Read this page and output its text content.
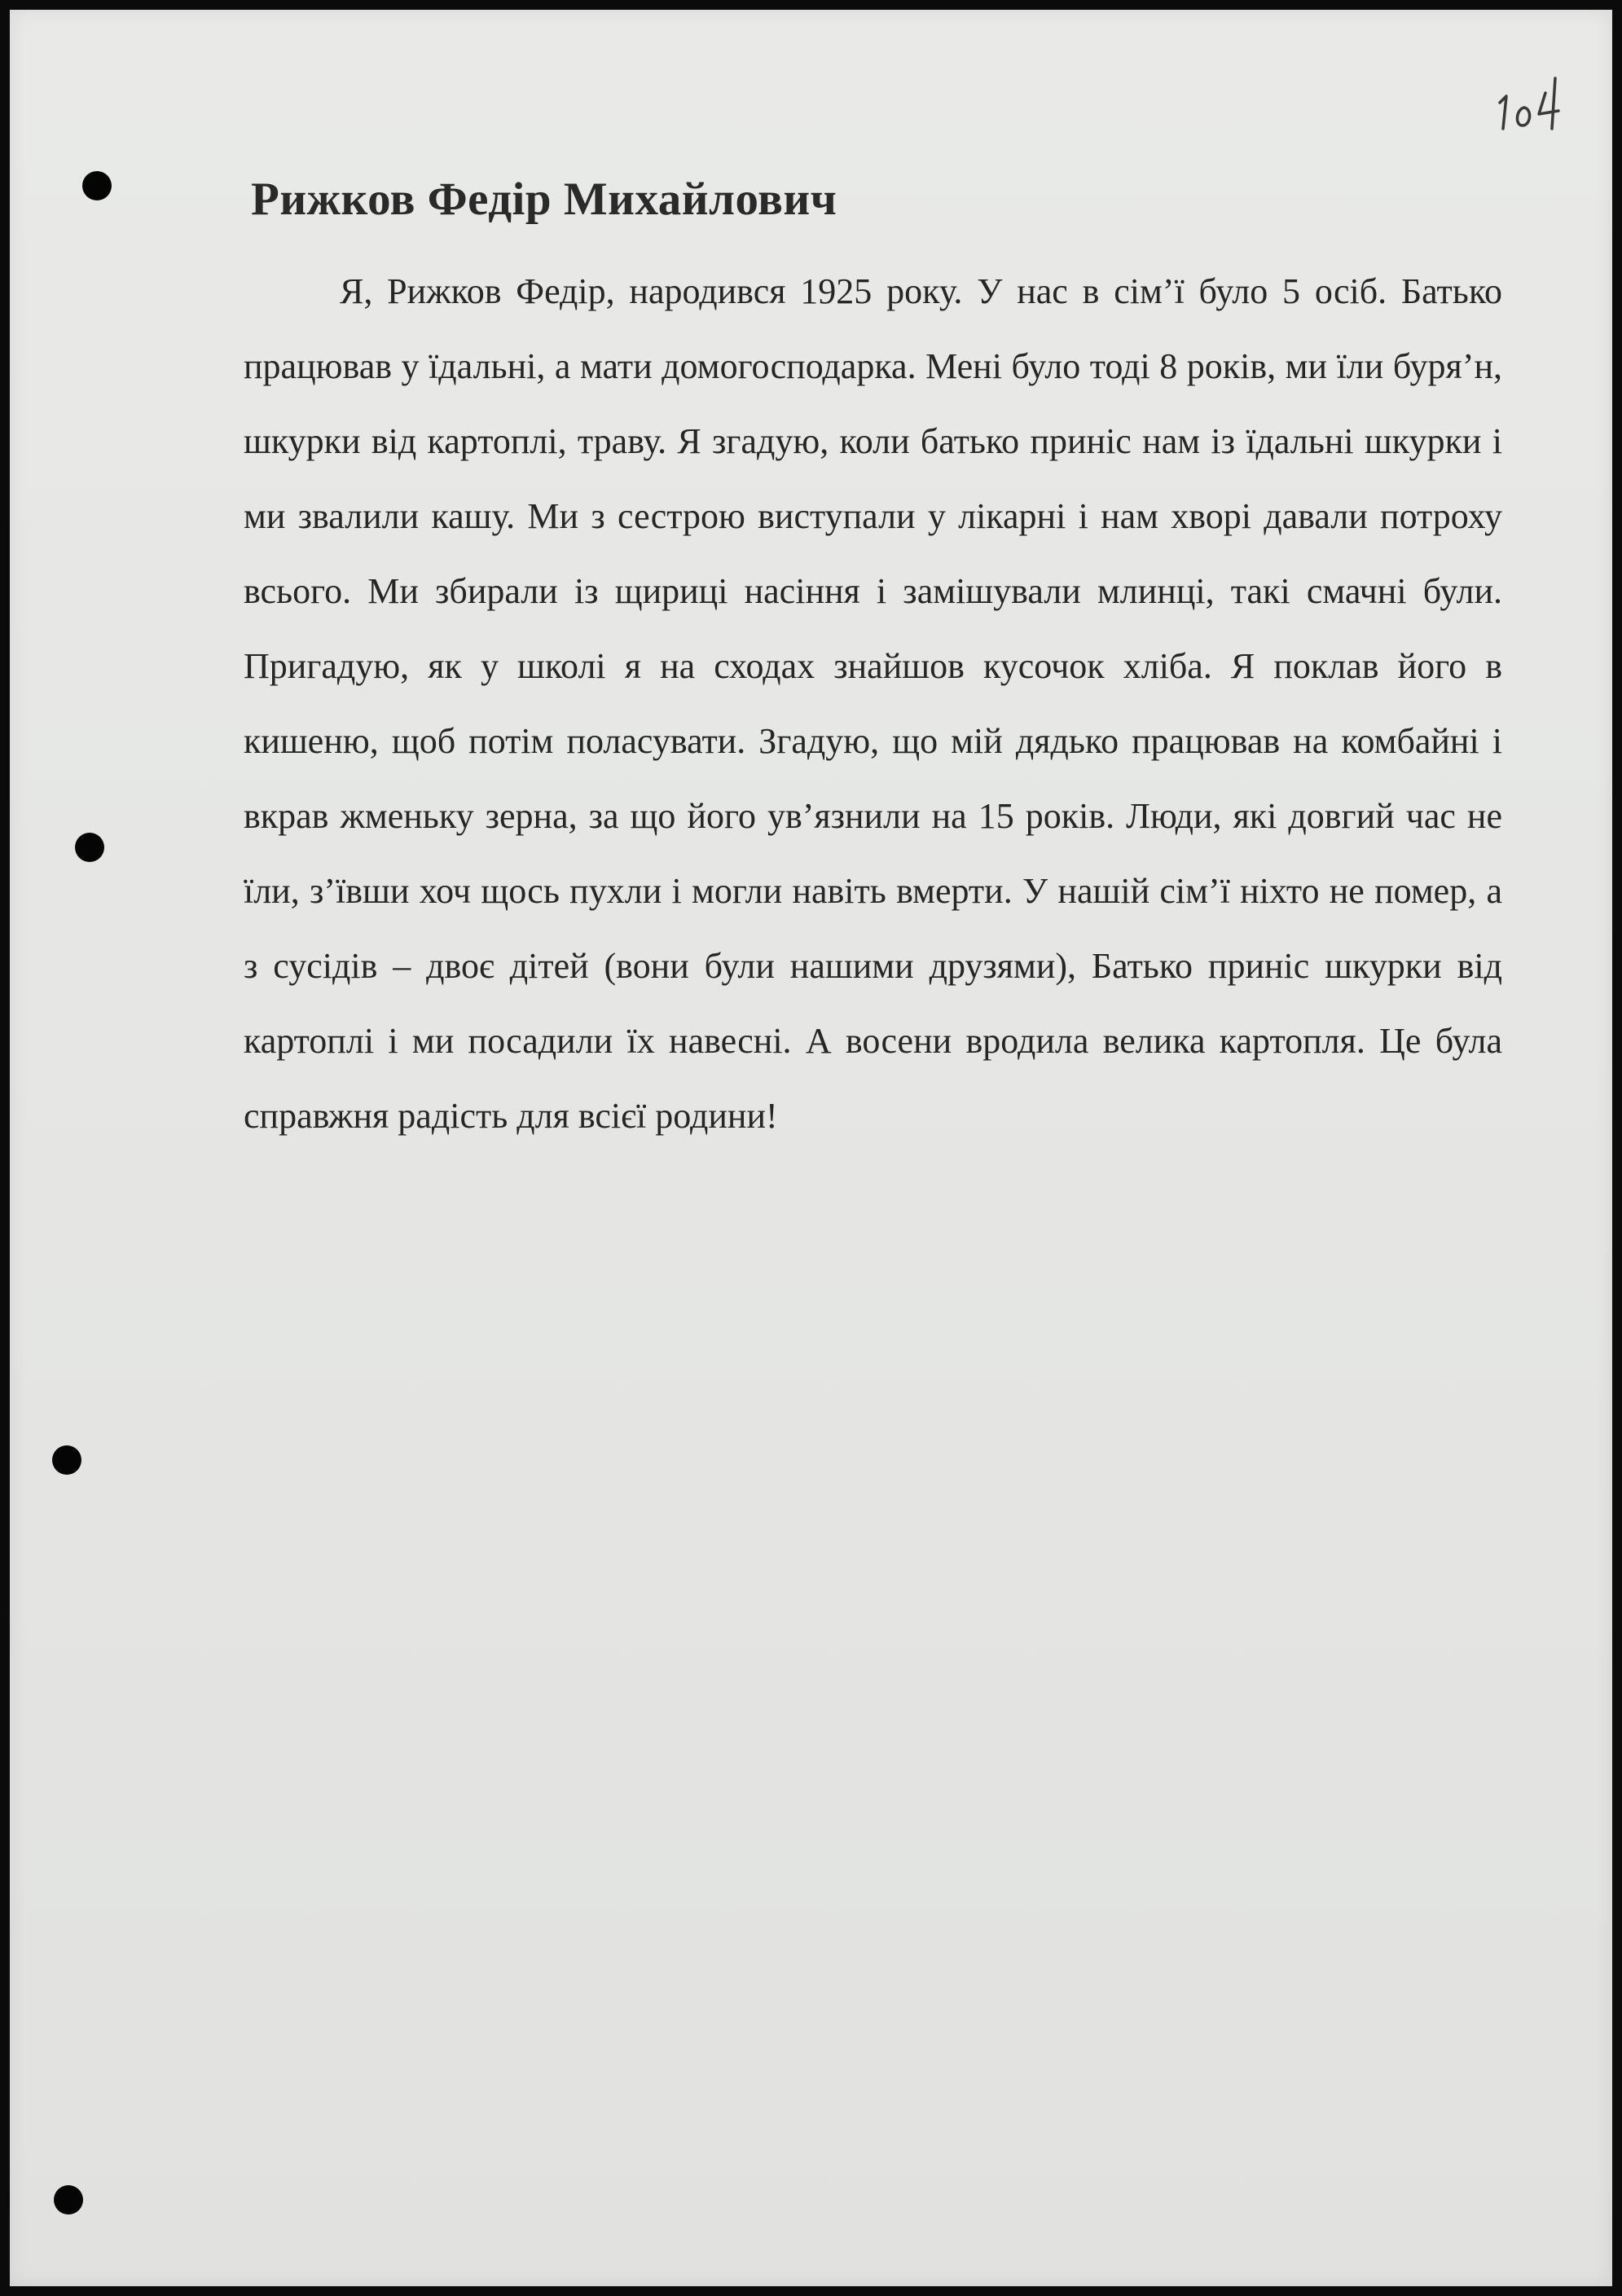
Рижков Федір Михайлович

Я, Рижков Федір, народився 1925 року. У нас в сім’ї було 5 осіб. Батько працював у їдальні, а мати домогосподарка. Мені було тоді 8 років, ми їли буря’н, шкурки від картоплі, траву. Я згадую, коли батько приніс нам із їдальні шкурки і ми звалили кашу. Ми з сестрою виступали у лікарні і нам хворі давали потроху всього. Ми збирали із щириці насіння і замішували млинці, такі смачні були. Пригадую, як у школі я на сходах знайшов кусочок хліба. Я поклав його в кишеню, щоб потім поласувати. Згадую, що мій дядько працював на комбайні і вкрав жменьку зерна, за що його ув’язнили на 15 років. Люди, які довгий час не їли, з’ївши хоч щось пухли і могли навіть вмерти. У нашій сім’ї ніхто не помер, а з сусідів – двоє дітей (вони були нашими друзями), Батько приніс шкурки від картоплі і ми посадили їх навесні. А восени вродила велика картопля. Це була справжня радість для всієї родини!
